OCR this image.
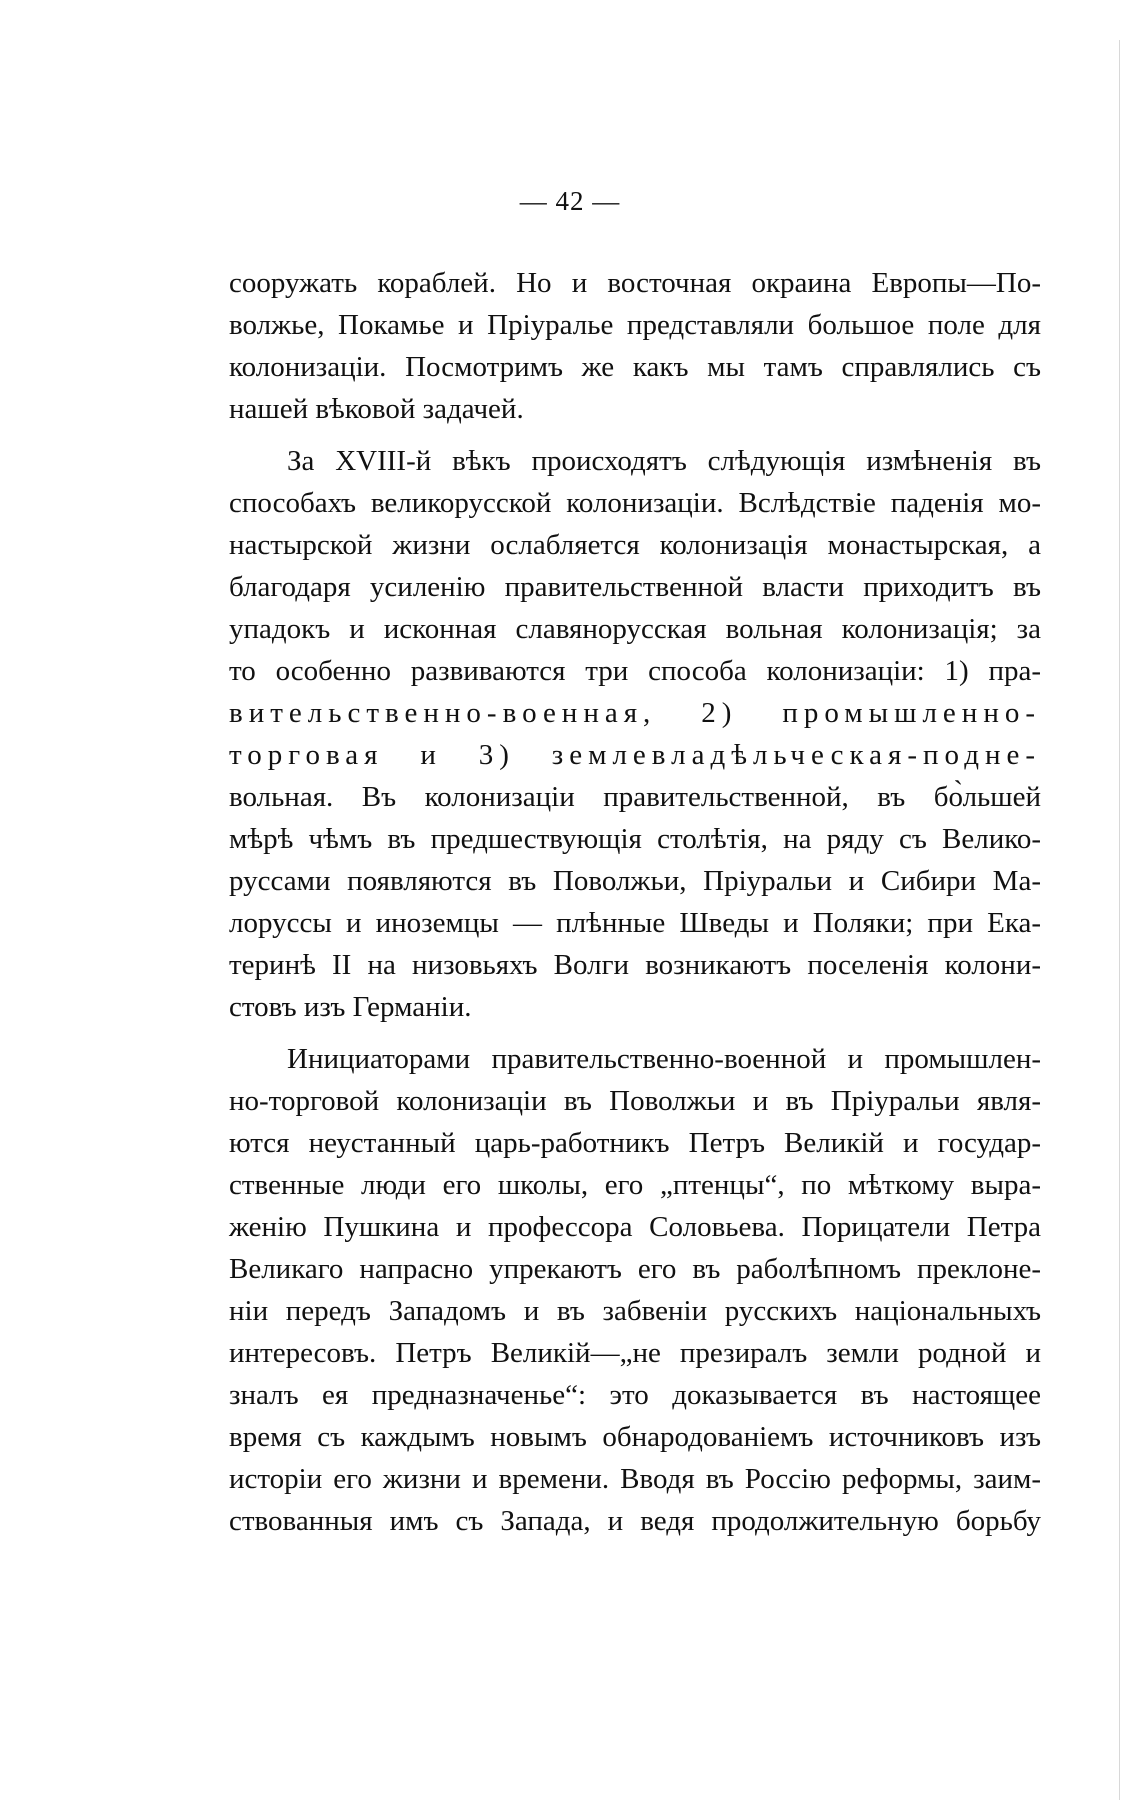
— 42 —
сооружать кораблей. Но и восточная окраина Европы—По-
волжье, Покамье и Пріуралье представляли большое поле для
колонизаціи. Посмотримъ же какъ мы тамъ справлялись съ
нашей вѣковой задачей.
За XVIII-й вѣкъ происходятъ слѣдующія измѣненія въ
способахъ великорусской колонизаціи. Вслѣдствіе паденія мо-
настырской жизни ослабляется колонизація монастырская, а
благодаря усиленію правительственной власти приходитъ въ
упадокъ и исконная славянорусская вольная колонизація; за
то особенно развиваются три способа колонизаціи: 1) пра-
вительственно-военная, 2) промышленно-
торговая и 3) землевладѣльческая-подне-
вольная. Въ колонизаціи правительственной, въ бо̀льшей
мѣрѣ чѣмъ въ предшествующія столѣтія, на ряду съ Велико-
руссами появляются въ Поволжьи, Пріуральи и Сибири Ма-
лоруссы и иноземцы — плѣнные Шведы и Поляки; при Ека-
теринѣ II на низовьяхъ Волги возникаютъ поселенія колони-
стовъ изъ Германіи.
Инициаторами правительственно-военной и промышлен-
но-торговой колонизаціи въ Поволжьи и въ Пріуральи явля-
ются неустанный царь-работникъ Петръ Великій и государ-
ственные люди его школы, его „птенцы“, по мѣткому выра-
женію Пушкина и профессора Соловьева. Порицатели Петра
Великаго напрасно упрекаютъ его въ раболѣпномъ преклоне-
ніи передъ Западомъ и въ забвеніи русскихъ національныхъ
интересовъ. Петръ Великій—„не презиралъ земли родной и
зналъ ея предназначенье“: это доказывается въ настоящее
время съ каждымъ новымъ обнародованіемъ источниковъ изъ
исторіи его жизни и времени. Вводя въ Россію реформы, заим-
ствованныя имъ съ Запада, и ведя продолжительную борьбу
